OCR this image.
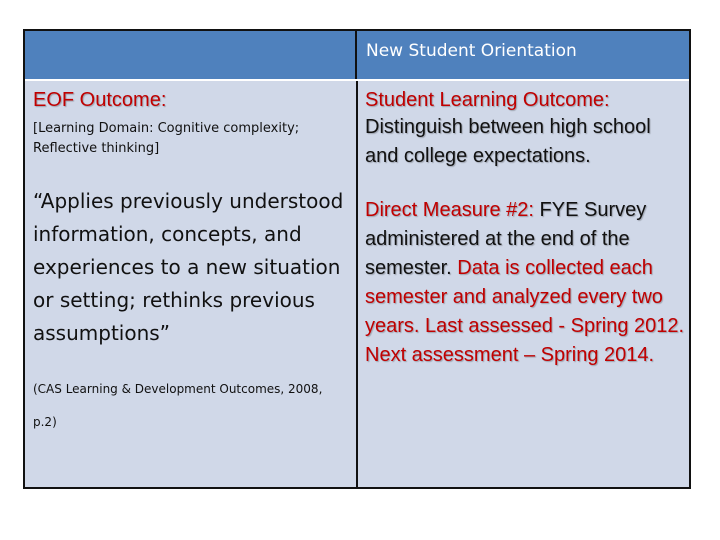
New Student Orientation
EOF Outcome:
[Learning Domain: Cognitive complexity; Reflective thinking]
“Applies previously understood information, concepts, and experiences to a new situation or setting; rethinks previous assumptions”
(CAS Learning & Development Outcomes, 2008, p.2)
Student Learning Outcome:
Distinguish between high school and college expectations.
Direct Measure #2: FYE Survey administered at the end of the semester. Data is collected each semester and analyzed every two years. Last assessed - Spring 2012. Next assessment – Spring 2014.
